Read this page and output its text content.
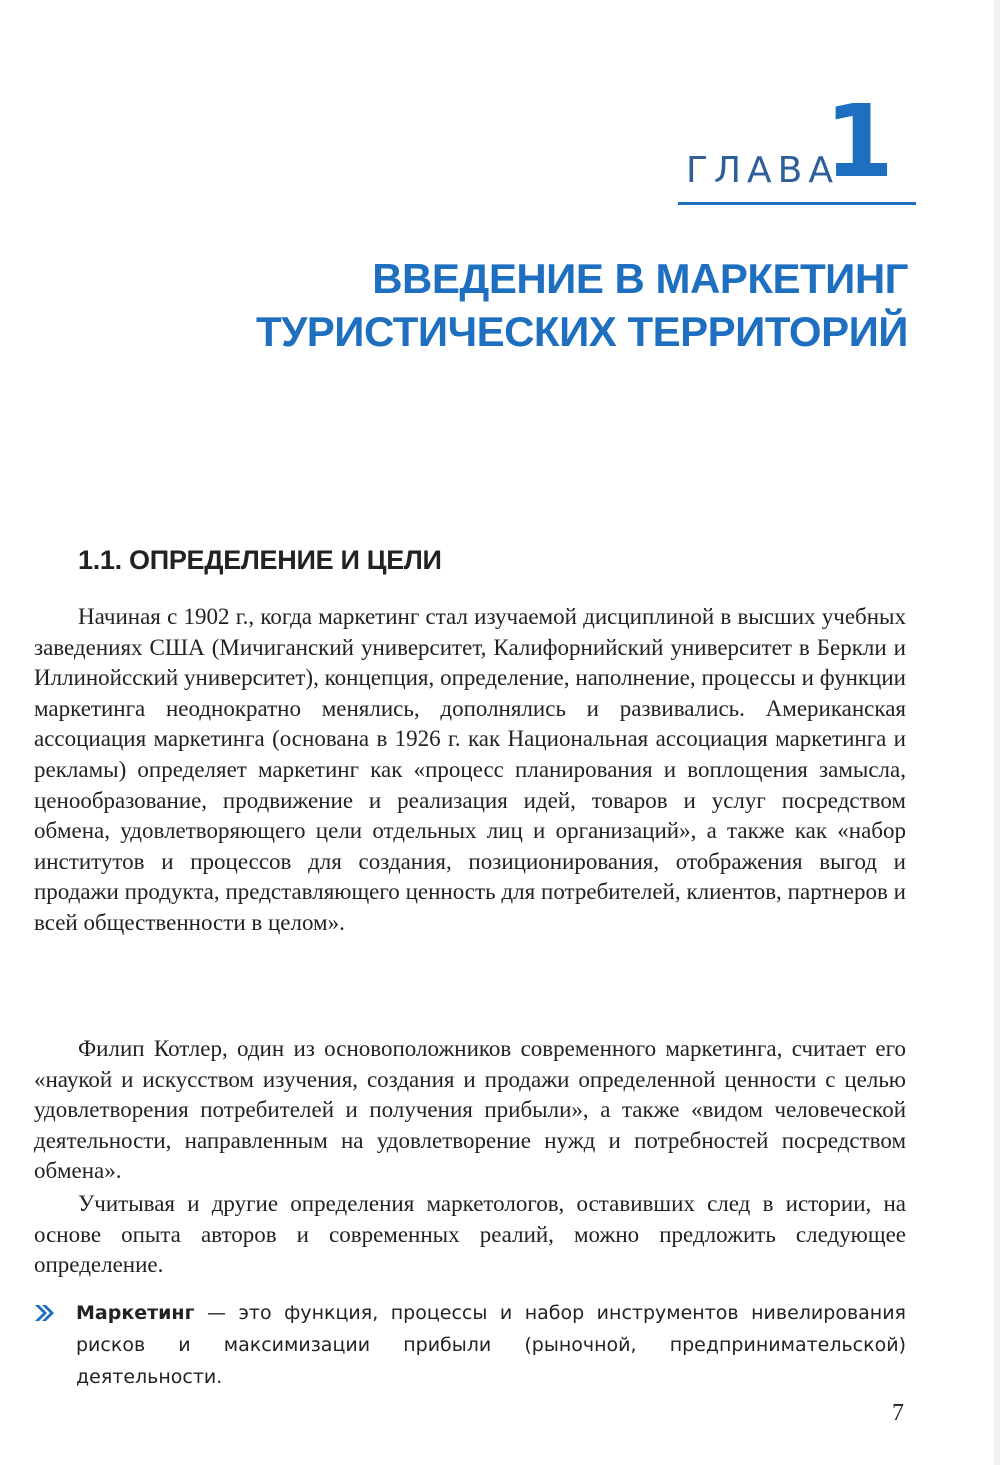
ГЛАВА
1
ВВЕДЕНИЕ В МАРКЕТИНГ
ТУРИСТИЧЕСКИХ ТЕРРИТОРИЙ
1.1. ОПРЕДЕЛЕНИЕ И ЦЕЛИ

Начиная с 1902 г., когда маркетинг стал изучаемой дисциплиной в высших учебных заведениях США (Мичиганский университет, Калифорнийский университет в Беркли и Иллинойсский университет), концепция, определение, наполнение, процессы и функции маркетинга неоднократно менялись, дополнялись и развивались. Американская ассоциация маркетинга (основана в 1926 г. как Национальная ассоциация маркетинга и рекламы) определяет маркетинг как «процесс планирования и воплощения замысла, ценообразование, продвижение и реализация идей, товаров и услуг посредством обмена, удовлетворяющего цели отдельных лиц и организаций», а также как «набор институтов и процессов для создания, позиционирования, отображения выгод и продажи продукта, представляющего ценность для потребителей, клиентов, партнеров и всей общественности в целом».

Филип Котлер, один из основоположников современного маркетинга, считает его «наукой и искусством изучения, создания и продажи определенной ценности с целью удовлетворения потребителей и получения прибыли», а также «видом человеческой деятельности, направленным на удовлетворение нужд и потребностей посредством обмена».

Учитывая и другие определения маркетологов, оставивших след в истории, на основе опыта авторов и современных реалий, можно предложить следующее определение.

Маркетинг — это функция, процессы и набор инструментов нивелирования рисков и максимизации прибыли (рыночной, предпринимательской) деятельности.
7
